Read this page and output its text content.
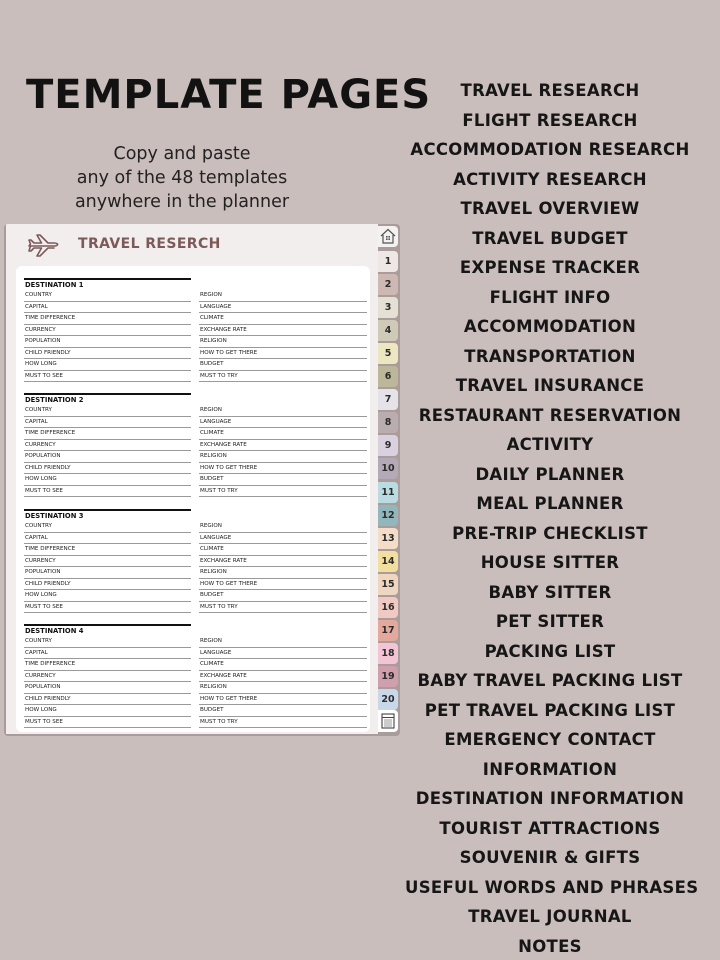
TEMPLATE PAGES
Copy and paste
any of the 48 templates
anywhere in the planner
TRAVEL RESERCH
DESTINATION 1
COUNTRY	REGION
CAPITAL	LANGUAGE
TIME DIFFERENCE	CLIMATE
CURRENCY	EXCHANGE RATE
POPULATION	RELIGION
CHILD FRIENDLY	HOW TO GET THERE
HOW LONG	BUDGET
MUST TO SEE	MUST TO TRY
DESTINATION 2
COUNTRY	REGION
CAPITAL	LANGUAGE
TIME DIFFERENCE	CLIMATE
CURRENCY	EXCHANGE RATE
POPULATION	RELIGION
CHILD FRIENDLY	HOW TO GET THERE
HOW LONG	BUDGET
MUST TO SEE	MUST TO TRY
DESTINATION 3
COUNTRY	REGION
CAPITAL	LANGUAGE
TIME DIFFERENCE	CLIMATE
CURRENCY	EXCHANGE RATE
POPULATION	RELIGION
CHILD FRIENDLY	HOW TO GET THERE
HOW LONG	BUDGET
MUST TO SEE	MUST TO TRY
DESTINATION 4
COUNTRY	REGION
CAPITAL	LANGUAGE
TIME DIFFERENCE	CLIMATE
CURRENCY	EXCHANGE RATE
POPULATION	RELIGION
CHILD FRIENDLY	HOW TO GET THERE
HOW LONG	BUDGET
MUST TO SEE	MUST TO TRY
1
2
3
4
5
6
7
8
9
10
11
12
13
14
15
16
17
18
19
20
TRAVEL RESEARCH
FLIGHT RESEARCH
ACCOMMODATION RESEARCH
ACTIVITY RESEARCH
TRAVEL OVERVIEW
TRAVEL BUDGET
EXPENSE TRACKER
FLIGHT INFO
ACCOMMODATION
TRANSPORTATION
TRAVEL INSURANCE
RESTAURANT RESERVATION
ACTIVITY
DAILY PLANNER
MEAL PLANNER
PRE-TRIP CHECKLIST
HOUSE SITTER
BABY SITTER
PET SITTER
PACKING LIST
BABY TRAVEL PACKING LIST
PET TRAVEL PACKING LIST
EMERGENCY CONTACT
INFORMATION
DESTINATION INFORMATION
TOURIST ATTRACTIONS
SOUVENIR & GIFTS
USEFUL WORDS AND PHRASES
TRAVEL JOURNAL
NOTES
